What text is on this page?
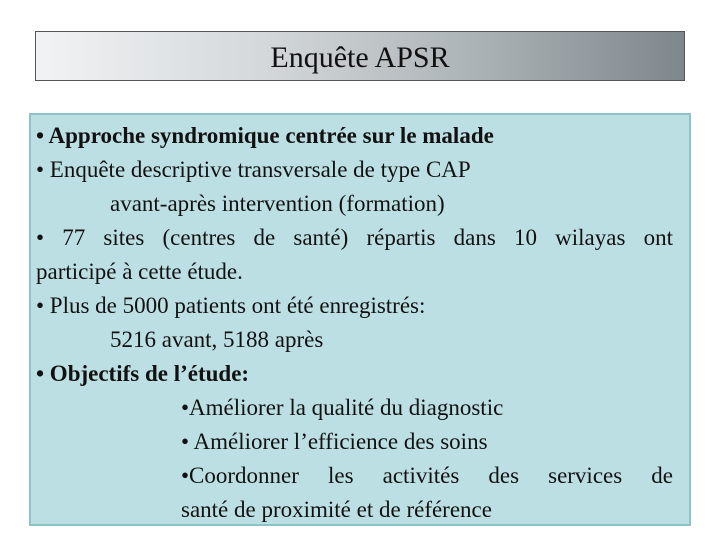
Enquête APSR
• Approche syndromique centrée sur le malade
• Enquête descriptive transversale de type CAP
avant-après intervention (formation)
• 77 sites (centres de santé) répartis dans 10 wilayas ont
participé à cette étude.
• Plus de 5000 patients ont été enregistrés:
5216 avant, 5188 après
• Objectifs de l’étude:
•Améliorer la qualité du diagnostic
• Améliorer l’efficience des soins
•Coordonner les activités des services de
santé de proximité et de référence
